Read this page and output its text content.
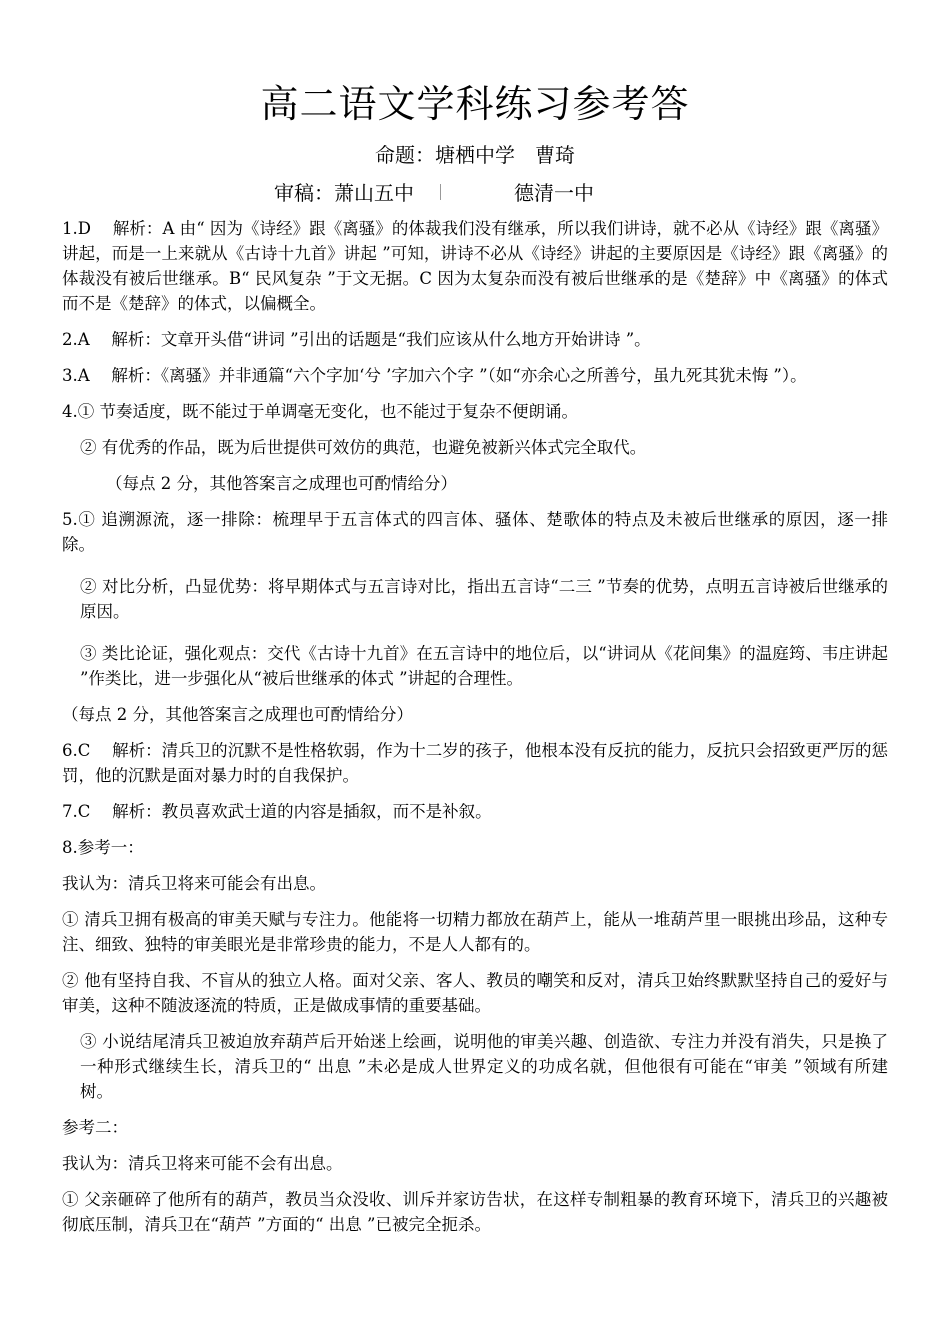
高二语文学科练习参考答
命题：塘栖中学　曹琦
审稿：萧山五中	德清一中

1.D　 解析：A 由“ 因为《诗经》跟《离骚》的体裁我们没有继承，所以我们讲诗，就不必从《诗经》跟《离骚》讲起，而是一上来就从《古诗十九首》讲起 ”可知，讲诗不必从《诗经》讲起的主要原因是《诗经》跟《离骚》的体裁没有被后世继承。B“ 民风复杂 ”于文无据。C 因为太复杂而没有被后世继承的是《楚辞》中《离骚》的体式而不是《楚辞》的体式，以偏概全。

2.A　 解析：文章开头借“讲词 ”引出的话题是“我们应该从什么地方开始讲诗 ”。

3.A　 解析：《离骚》并非通篇“六个字加‘兮 ’字加六个字 ”（如“亦余心之所善兮，虽九死其犹未悔 ”）。

4.① 节奏适度，既不能过于单调毫无变化，也不能过于复杂不便朗诵。

② 有优秀的作品，既为后世提供可效仿的典范，也避免被新兴体式完全取代。

（每点 2 分，其他答案言之成理也可酌情给分）

5.① 追溯源流，逐一排除：梳理早于五言体式的四言体、骚体、楚歌体的特点及未被后世继承的原因，逐一排除。

② 对比分析，凸显优势：将早期体式与五言诗对比，指出五言诗“二三 ”节奏的优势，点明五言诗被后世继承的原因。

③ 类比论证，强化观点：交代《古诗十九首》在五言诗中的地位后，以“讲词从《花间集》的温庭筠、韦庄讲起 ”作类比，进一步强化从“被后世继承的体式 ”讲起的合理性。

（每点 2 分，其他答案言之成理也可酌情给分）

6.C　 解析：清兵卫的沉默不是性格软弱，作为十二岁的孩子，他根本没有反抗的能力，反抗只会招致更严厉的惩罚，他的沉默是面对暴力时的自我保护。

7.C　 解析：教员喜欢武士道的内容是插叙，而不是补叙。

8.参考一：

我认为：清兵卫将来可能会有出息。

① 清兵卫拥有极高的审美天赋与专注力。他能将一切精力都放在葫芦上，能从一堆葫芦里一眼挑出珍品，这种专注、细致、独特的审美眼光是非常珍贵的能力，不是人人都有的。

② 他有坚持自我、不盲从的独立人格。面对父亲、客人、教员的嘲笑和反对，清兵卫始终默默坚持自己的爱好与审美，这种不随波逐流的特质，正是做成事情的重要基础。

③ 小说结尾清兵卫被迫放弃葫芦后开始迷上绘画，说明他的审美兴趣、创造欲、专注力并没有消失，只是换了一种形式继续生长，清兵卫的“ 出息 ”未必是成人世界定义的功成名就，但他很有可能在“审美 ”领域有所建树。

参考二：

我认为：清兵卫将来可能不会有出息。

① 父亲砸碎了他所有的葫芦，教员当众没收、训斥并家访告状，在这样专制粗暴的教育环境下，清兵卫的兴趣被彻底压制，清兵卫在“葫芦 ”方面的“ 出息 ”已被完全扼杀。
